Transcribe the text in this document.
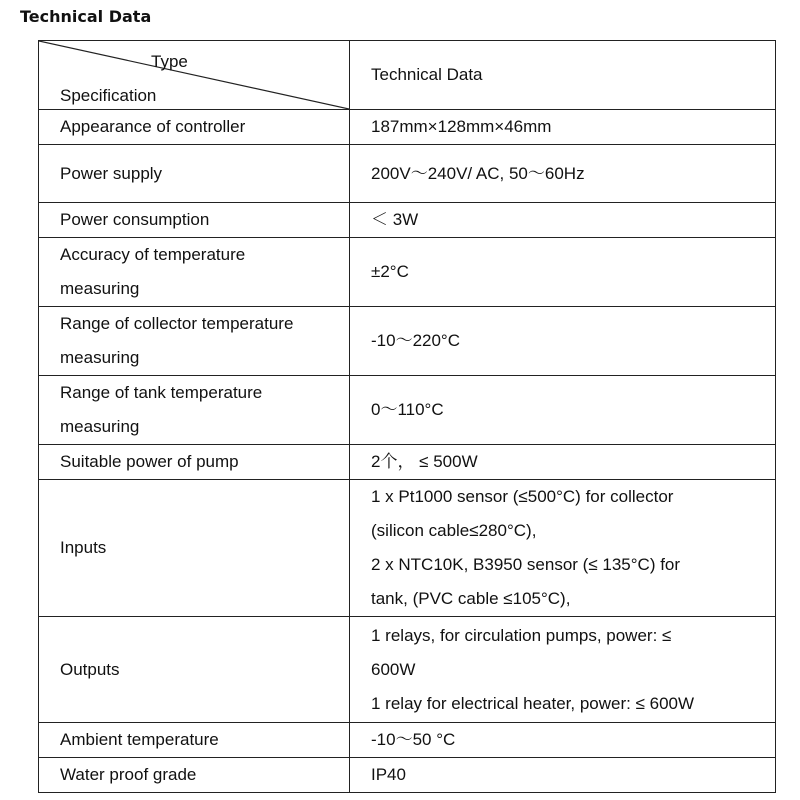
Technical Data
Type
Specification	Technical Data
Appearance of controller	187mm×128mm×46mm
Power supply	200V～240V/ AC, 50～60Hz
Power consumption	＜ 3W

Accuracy of temperature
measuring	±2°C

Range of collector temperature
measuring	-10～220°C

Range of tank temperature
measuring	0～110°C
Suitable power of pump	2个， ≤ 500W
Inputs	1 x Pt1000 sensor (≤500°C) for collector
(silicon cable≤280°C),
2 x NTC10K, B3950 sensor (≤ 135°C) for
tank, (PVC cable ≤105°C),

Outputs	1 relays, for circulation pumps, power: ≤
600W
1 relay for electrical heater, power: ≤ 600W

Ambient temperature	-10～50 °C
Water proof grade	IP40
